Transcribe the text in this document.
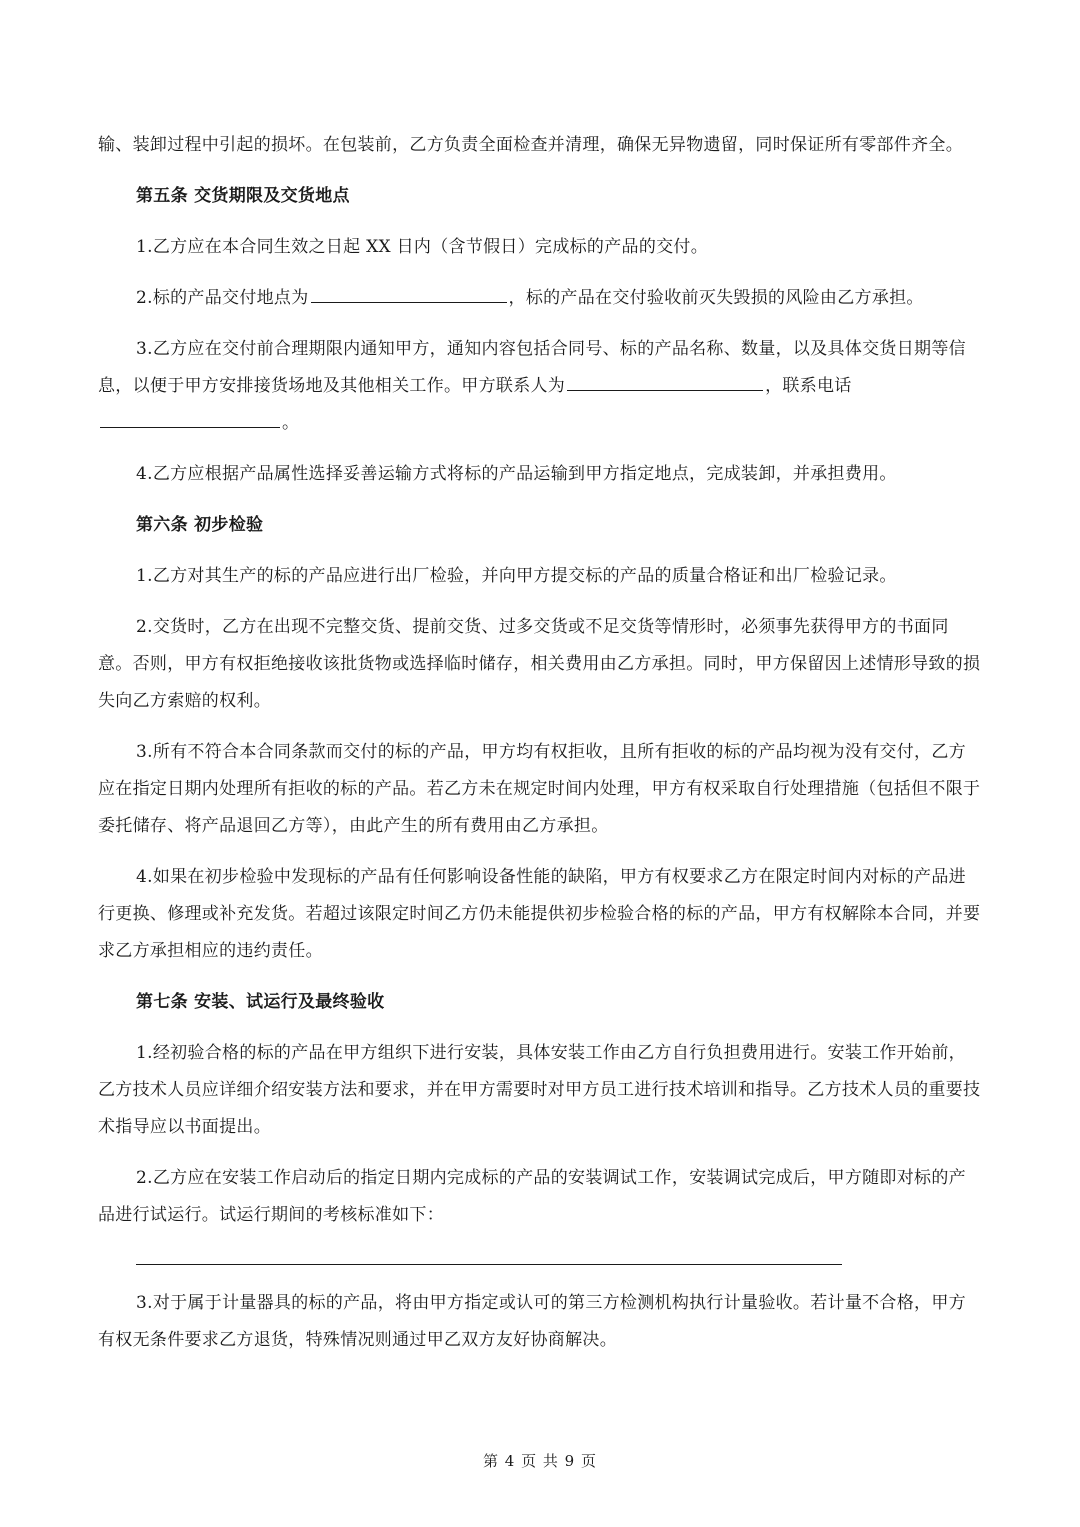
输、装卸过程中引起的损坏。在包装前，乙方负责全面检查并清理，确保无异物遗留，同时保证所有零部件齐全。

第五条 交货期限及交货地点

1.乙方应在本合同生效之日起 XX 日内（含节假日）完成标的产品的交付。

2.标的产品交付地点为	，标的产品在交付验收前灭失毁损的风险由乙方承担。

3.乙方应在交付前合理期限内通知甲方，通知内容包括合同号、标的产品名称、数量，以及具体交货日期等信息，以便于甲方安排接货场地及其他相关工作。甲方联系人为	，联系电话。

4.乙方应根据产品属性选择妥善运输方式将标的产品运输到甲方指定地点，完成装卸，并承担费用。

第六条 初步检验

1.乙方对其生产的标的产品应进行出厂检验，并向甲方提交标的产品的质量合格证和出厂检验记录。

2.交货时，乙方在出现不完整交货、提前交货、过多交货或不足交货等情形时，必须事先获得甲方的书面同意。否则，甲方有权拒绝接收该批货物或选择临时储存，相关费用由乙方承担。同时，甲方保留因上述情形导致的损失向乙方索赔的权利。

3.所有不符合本合同条款而交付的标的产品，甲方均有权拒收，且所有拒收的标的产品均视为没有交付，乙方应在指定日期内处理所有拒收的标的产品。若乙方未在规定时间内处理，甲方有权采取自行处理措施（包括但不限于委托储存、将产品退回乙方等），由此产生的所有费用由乙方承担。

4.如果在初步检验中发现标的产品有任何影响设备性能的缺陷，甲方有权要求乙方在限定时间内对标的产品进行更换、修理或补充发货。若超过该限定时间乙方仍未能提供初步检验合格的标的产品，甲方有权解除本合同，并要求乙方承担相应的违约责任。

第七条 安装、试运行及最终验收

1.经初验合格的标的产品在甲方组织下进行安装，具体安装工作由乙方自行负担费用进行。安装工作开始前，乙方技术人员应详细介绍安装方法和要求，并在甲方需要时对甲方员工进行技术培训和指导。乙方技术人员的重要技术指导应以书面提出。

2.乙方应在安装工作启动后的指定日期内完成标的产品的安装调试工作，安装调试完成后，甲方随即对标的产品进行试运行。试运行期间的考核标准如下：

3.对于属于计量器具的标的产品，将由甲方指定或认可的第三方检测机构执行计量验收。若计量不合格，甲方有权无条件要求乙方退货，特殊情况则通过甲乙双方友好协商解决。

第 4 页 共 9 页
